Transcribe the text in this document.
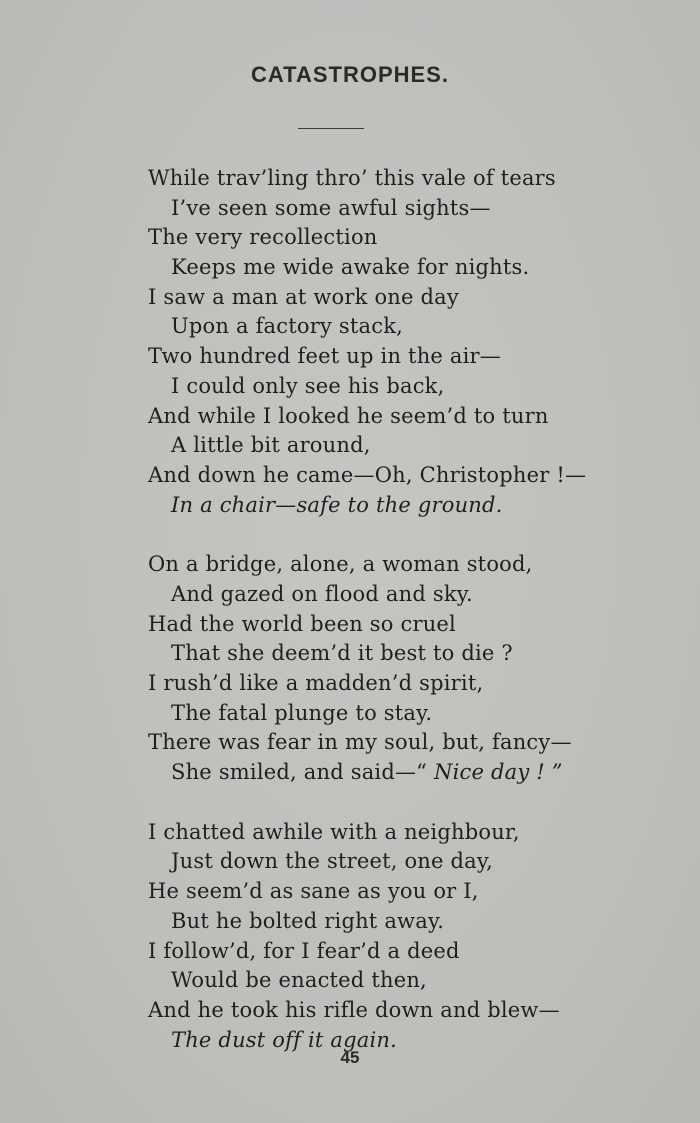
CATASTROPHES.
While trav’ling thro’ this vale of tears
I’ve seen some awful sights—
The very recollection
Keeps me wide awake for nights.
I saw a man at work one day
Upon a factory stack,
Two hundred feet up in the air—
I could only see his back,
And while I looked he seem’d to turn
A little bit around,
And down he came—Oh, Christopher !—
In a chair—safe to the ground.
On a bridge, alone, a woman stood,
And gazed on flood and sky.
Had the world been so cruel
That she deem’d it best to die ?
I rush’d like a madden’d spirit,
The fatal plunge to stay.
There was fear in my soul, but, fancy—
She smiled, and said—“ Nice day ! ”
I chatted awhile with a neighbour,
Just down the street, one day,
He seem’d as sane as you or I,
But he bolted right away.
I follow’d, for I fear’d a deed
Would be enacted then,
And he took his rifle down and blew—
The dust off it again.
45
